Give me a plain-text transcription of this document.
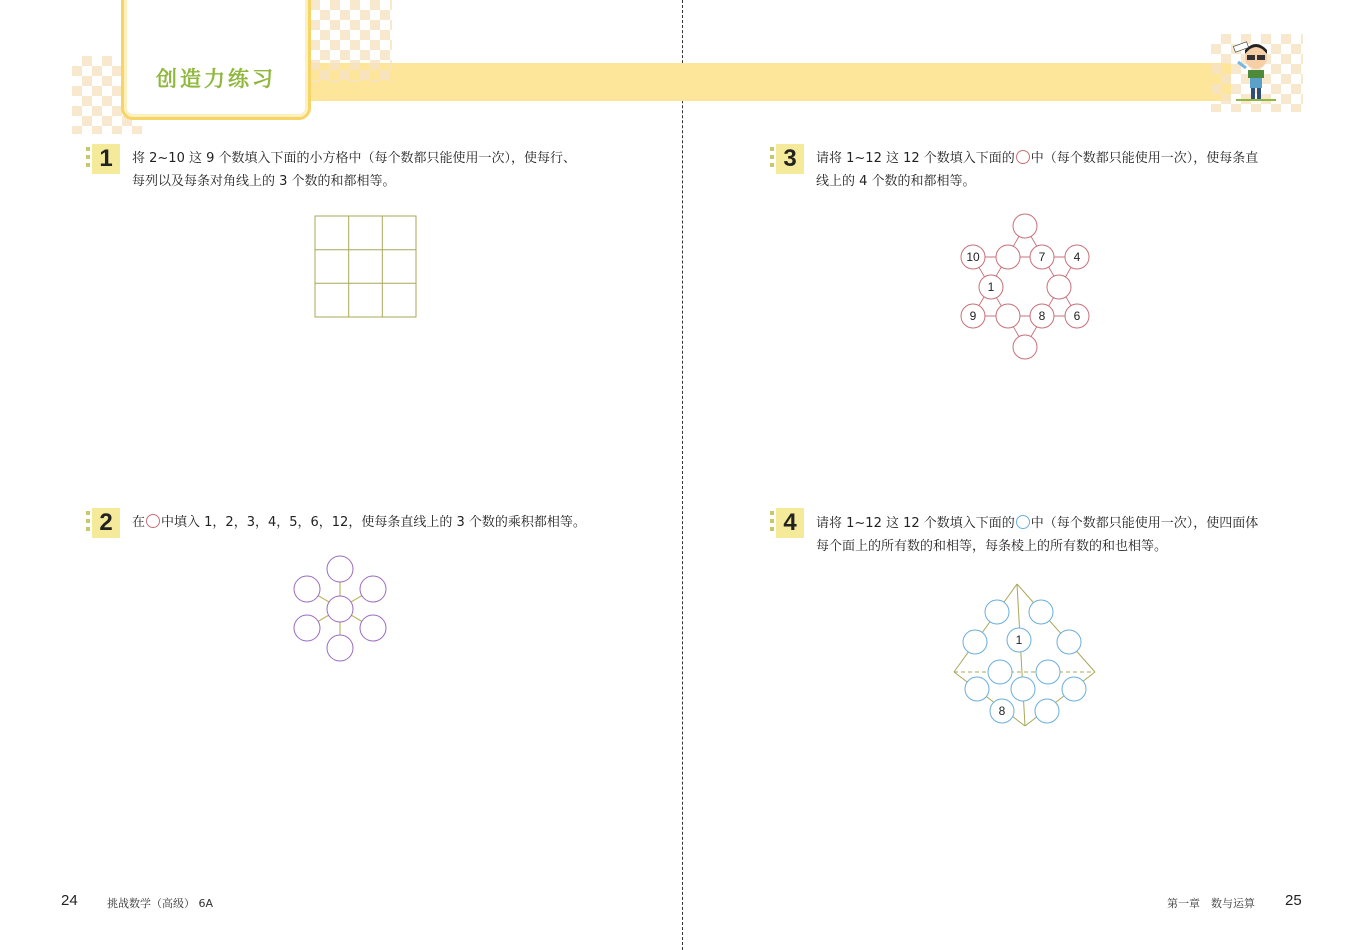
创造力练习
1	将 2~10 这 9 个数填入下面的小方格中（每个数都只能使用一次），使每行、
每列以及每条对角线上的 3 个数的和都相等。
2	在 中填入 1，2，3，4，5，6，12，使每条直线上的 3 个数的乘积都相等。
24	挑战数学（高级） 6A
3	请将 1~12 这 12 个数填入下面的 中（每个数都只能使用一次），使每条直
线上的 4 个数的和都相等。
10	7 4
1
9	8 6
4	请将 1~12 这 12 个数填入下面的 中（每个数都只能使用一次），使四面体
每个面上的所有数的和相等，每条棱上的所有数的和也相等。
1
8
第一章　数与运算 25
